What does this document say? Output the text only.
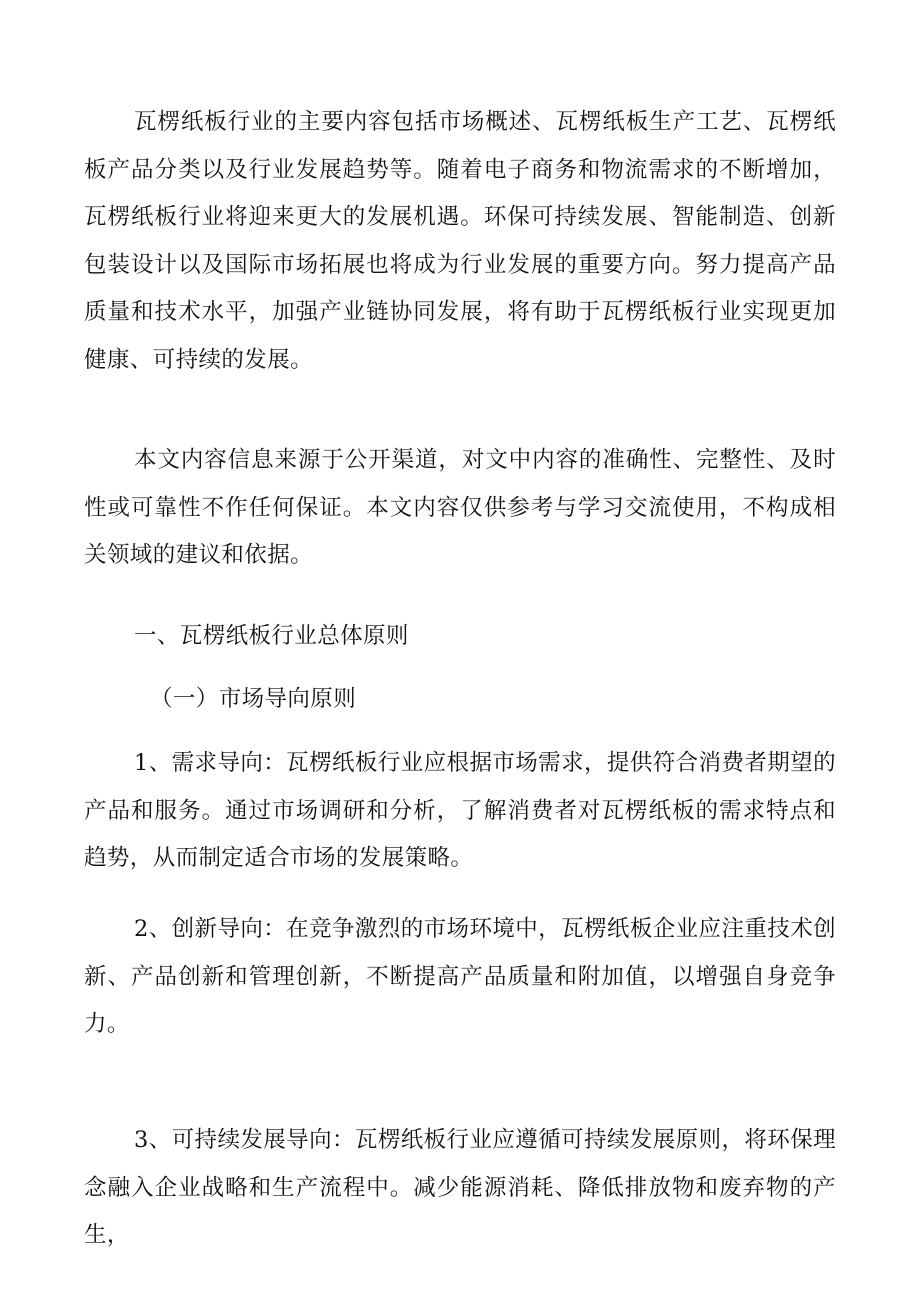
瓦楞纸板行业的主要内容包括市场概述、瓦楞纸板生产工艺、瓦楞纸板产品分类以及行业发展趋势等。随着电子商务和物流需求的不断增加，瓦楞纸板行业将迎来更大的发展机遇。环保可持续发展、智能制造、创新包装设计以及国际市场拓展也将成为行业发展的重要方向。努力提高产品质量和技术水平，加强产业链协同发展，将有助于瓦楞纸板行业实现更加健康、可持续的发展。

本文内容信息来源于公开渠道，对文中内容的准确性、完整性、及时性或可靠性不作任何保证。本文内容仅供参考与学习交流使用，不构成相关领域的建议和依据。

一、瓦楞纸板行业总体原则

（一）市场导向原则

1、需求导向：瓦楞纸板行业应根据市场需求，提供符合消费者期望的产品和服务。通过市场调研和分析，了解消费者对瓦楞纸板的需求特点和趋势，从而制定适合市场的发展策略。

2、创新导向：在竞争激烈的市场环境中，瓦楞纸板企业应注重技术创新、产品创新和管理创新，不断提高产品质量和附加值，以增强自身竞争力。

3、可持续发展导向：瓦楞纸板行业应遵循可持续发展原则，将环保理念融入企业战略和生产流程中。减少能源消耗、降低排放物和废弃物的产生，
